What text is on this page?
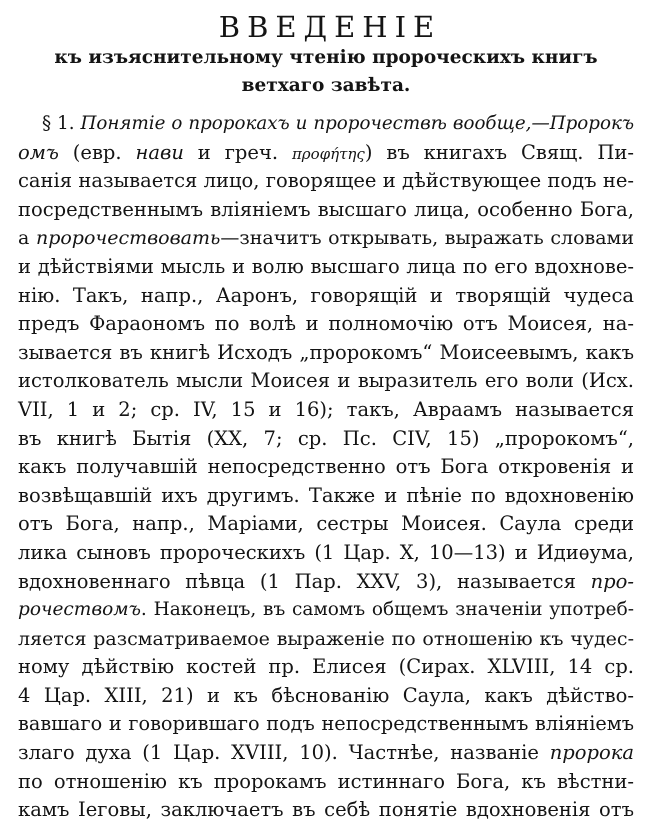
ВВЕДЕНІЕ
къ изъяснительному чтенію пророческихъ книгъ
ветхаго завѣта.
§ 1. Понятіе о пророкахъ и пророчествѣ вообще,—Пророкъ
омъ (евр. нави и греч. προφήτης) въ книгахъ Свящ. Пи-
санія называется лицо, говорящее и дѣйствующее подъ не-
посредственнымъ вліяніемъ высшаго лица, особенно Бога,
а пророчествовать—значитъ открывать, выражать словами
и дѣйствіями мысль и волю высшаго лица по его вдохнове-
нію. Такъ, напр., Ааронъ, говорящій и творящій чудеса
предъ Фараономъ по волѣ и полномочію отъ Моисея, на-
зывается въ книгѣ Исходъ „пророкомъ“ Моисеевымъ, какъ
истолкователь мысли Моисея и выразитель его воли (Исх.
VII, 1 и 2; ср. IV, 15 и 16); такъ, Авраамъ называется
въ книгѣ Бытія (XX, 7; ср. Пс. CIV, 15) „пророкомъ“,
какъ получавшій непосредственно отъ Бога откровенія и
возвѣщавшій ихъ другимъ. Также и пѣніе по вдохновенію
отъ Бога, напр., Маріами, сестры Моисея. Саула среди
лика сыновъ пророческихъ (1 Цар. X, 10—13) и Идиѳума,
вдохновеннаго пѣвца (1 Пар. XXV, 3), называется про-
рочествомъ. Наконецъ, въ самомъ общемъ значеніи употреб-
ляется разсматриваемое выраженіе по отношенію къ чудес-
ному дѣйствію костей пр. Елисея (Сирах. XLVIII, 14 ср.
4 Цар. XIII, 21) и къ бѣснованію Саула, какъ дѣйство-
вавшаго и говорившаго подъ непосредственнымъ вліяніемъ
злаго духа (1 Цар. XVIII, 10). Частнѣе, названіе пророка
по отношенію къ пророкамъ истиннаго Бога, къ вѣстни-
камъ Іеговы, заключаетъ въ себѣ понятіе вдохновенія отъ
